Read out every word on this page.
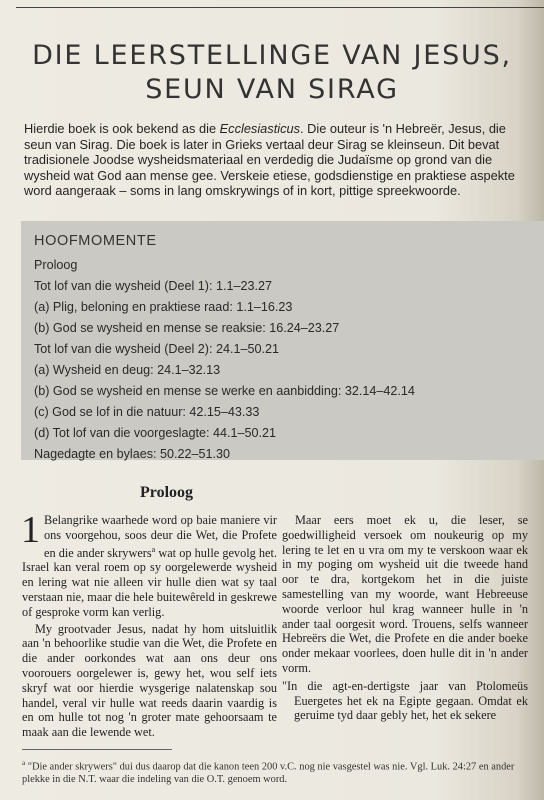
DIE LEERSTELLINGE VAN JESUS,
SEUN VAN SIRAG

Hierdie boek is ook bekend as die Ecclesiasticus. Die outeur is 'n Hebreër, Jesus, die seun van Sirag. Die boek is later in Grieks vertaal deur Sirag se kleinseun. Dit bevat tradisionele Joodse wysheidsmateriaal en verdedig die Judaïsme op grond van die wysheid wat God aan mense gee. Verskeie etiese, godsdienstige en praktiese aspekte word aangeraak – soms in lang omskrywings of in kort, pittige spreekwoorde.

HOOFMOMENTE
Proloog
Tot lof van die wysheid (Deel 1): 1.1–23.27
(a) Plig, beloning en praktiese raad: 1.1–16.23
(b) God se wysheid en mense se reaksie: 16.24–23.27
Tot lof van die wysheid (Deel 2): 24.1–50.21
(a) Wysheid en deug: 24.1–32.13
(b) God se wysheid en mense se werke en aanbidding: 32.14–42.14
(c) God se lof in die natuur: 42.15–43.33
(d) Tot lof van die voorgeslagte: 44.1–50.21
Nagedagte en bylaes: 50.22–51.30
Proloog

1 Belangrike waarhede word op baie maniere vir ons voorgehou, soos deur die Wet, die Profete en die ander skrywers$^a$ wat op hulle gevolg het. Israel kan veral roem op sy oorgelewerde wysheid en lering wat nie alleen vir hulle dien wat sy taal verstaan nie, maar die hele buitewêreld in geskrewe of gesproke vorm kan verlig.

My grootvader Jesus, nadat hy hom uitsluitlik aan 'n behoorlike studie van die Wet, die Profete en die ander oorkondes wat aan ons deur ons voorouers oorgelewer is, gewy het, wou self iets skryf wat oor hierdie wysgerige nalatenskap sou handel, veral vir hulle wat reeds daarin vaardig is en om hulle tot nog 'n groter mate gehoorsaam te maak aan die lewende wet.

Maar eers moet ek u, die leser, se goedwilligheid versoek om noukeurig op my lering te let en u vra om my te verskoon waar ek in my poging om wysheid uit die tweede hand oor te dra, kortgekom het in die juiste samestelling van my woorde, want Hebreeuse woorde verloor hul krag wanneer hulle in 'n ander taal oorgesit word. Trouens, selfs wanneer Hebreërs die Wet, die Profete en die ander boeke onder mekaar voorlees, doen hulle dit in 'n ander vorm.

"In die agt-en-dertigste jaar van Ptolomeüs Euergetes het ek na Egipte gegaan. Omdat ek geruime tyd daar gebly het, het ek sekere

$^a$ "Die ander skrywers" dui dus daarop dat die kanon teen 200 v.C. nog nie vasgestel was nie. Vgl. Luk. 24:27 en ander plekke in die N.T. waar die indeling van die O.T. genoem word.
